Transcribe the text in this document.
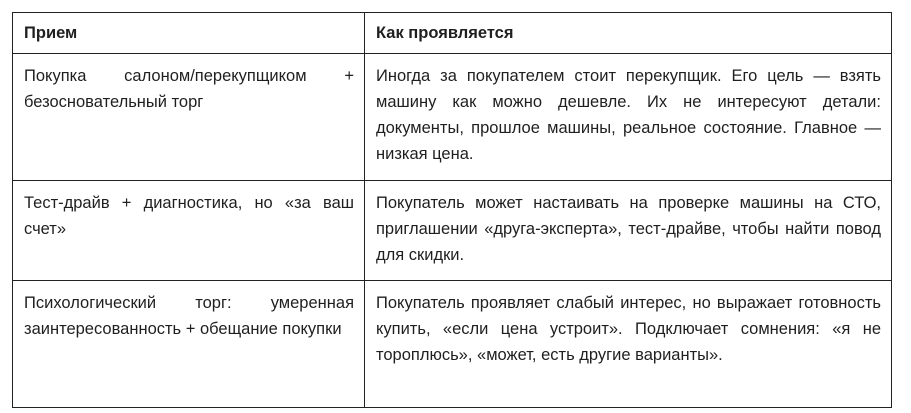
Прием	Как проявляется
Покупка салоном/перекупщиком + безосновательный торг	Иногда за покупателем стоит перекупщик. Его цель — взять машину как можно дешевле. Их не интересуют детали: документы, прошлое машины, реальное состояние. Главное — низкая цена.
Тест-драйв + диагностика, но «за ваш счет»	Покупатель может настаивать на проверке машины на СТО, приглашении «друга-эксперта», тест-драйве, чтобы найти повод для скидки.
Психологический торг: умеренная заинтересованность + обещание покупки	Покупатель проявляет слабый интерес, но выражает готовность купить, «если цена устроит». Подключает сомнения: «я не тороплюсь», «может, есть другие варианты».
